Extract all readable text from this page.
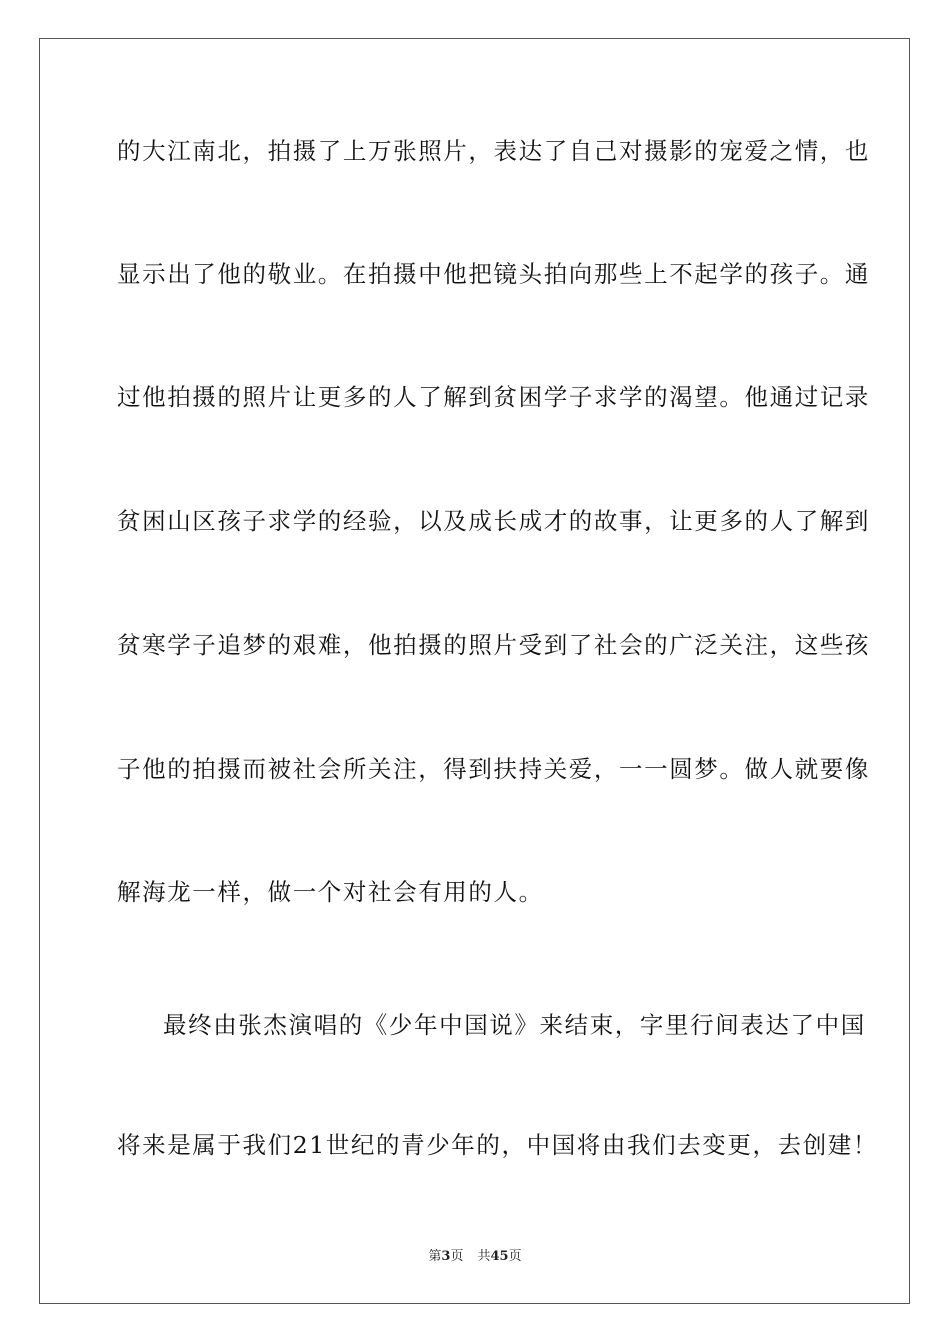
的大江南北，拍摄了上万张照片，表达了自己对摄影的宠爱之情，也
显示出了他的敬业。在拍摄中他把镜头拍向那些上不起学的孩子。通
过他拍摄的照片让更多的人了解到贫困学子求学的渴望。他通过记录
贫困山区孩子求学的经验，以及成长成才的故事，让更多的人了解到
贫寒学子追梦的艰难，他拍摄的照片受到了社会的广泛关注，这些孩
子他的拍摄而被社会所关注，得到扶持关爱，一一圆梦。做人就要像
解海龙一样，做一个对社会有用的人。
最终由张杰演唱的《少年中国说》来结束，字里行间表达了中国
将来是属于我们21世纪的青少年的，中国将由我们去变更，去创建！
第3页 共45页
